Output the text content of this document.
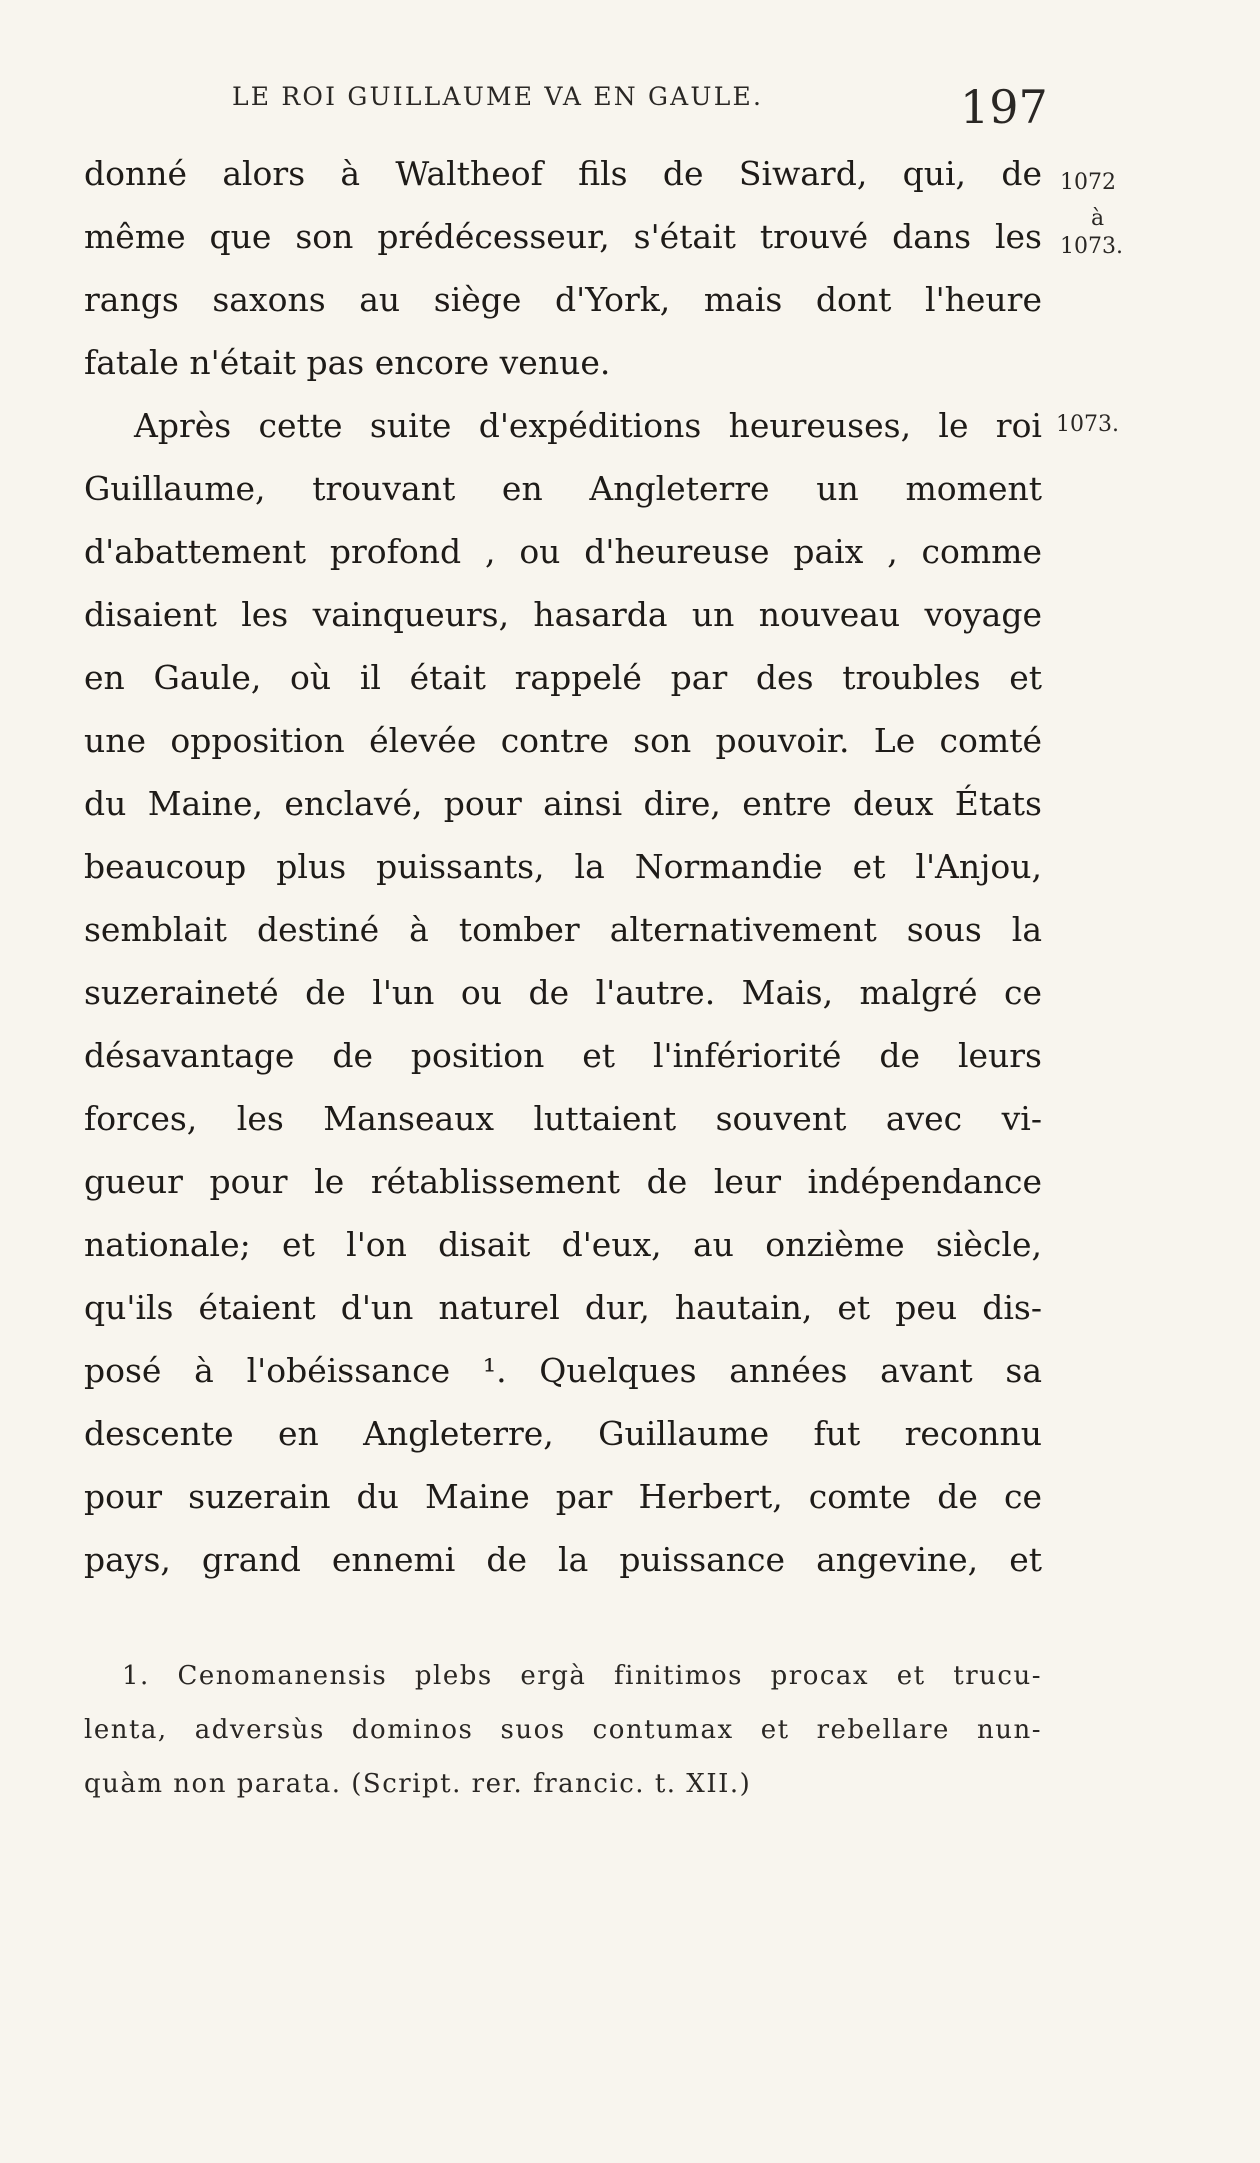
LE ROI GUILLAUME VA EN GAULE.	197
1072
à
1073.
1073.
donné alors à Waltheof fils de Siward, qui, de
même que son prédécesseur, s'était trouvé dans les
rangs saxons au siège d'York, mais dont l'heure
fatale n'était pas encore venue.
Après cette suite d'expéditions heureuses, le roi
Guillaume, trouvant en Angleterre un moment
d'abattement profond , ou d'heureuse paix , comme
disaient les vainqueurs, hasarda un nouveau voyage
en Gaule, où il était rappelé par des troubles et
une opposition élevée contre son pouvoir. Le comté
du Maine, enclavé, pour ainsi dire, entre deux États
beaucoup plus puissants, la Normandie et l'Anjou,
semblait destiné à tomber alternativement sous la
suzeraineté de l'un ou de l'autre. Mais, malgré ce
désavantage de position et l'infériorité de leurs
forces, les Manseaux luttaient souvent avec vi-
gueur pour le rétablissement de leur indépendance
nationale; et l'on disait d'eux, au onzième siècle,
qu'ils étaient d'un naturel dur, hautain, et peu dis-
posé à l'obéissance ¹. Quelques années avant sa
descente en Angleterre, Guillaume fut reconnu
pour suzerain du Maine par Herbert, comte de ce
pays, grand ennemi de la puissance angevine, et
1. Cenomanensis plebs ergà finitimos procax et trucu-
lenta, adversùs dominos suos contumax et rebellare nun-
quàm non parata. (Script. rer. francic. t. XII.)
